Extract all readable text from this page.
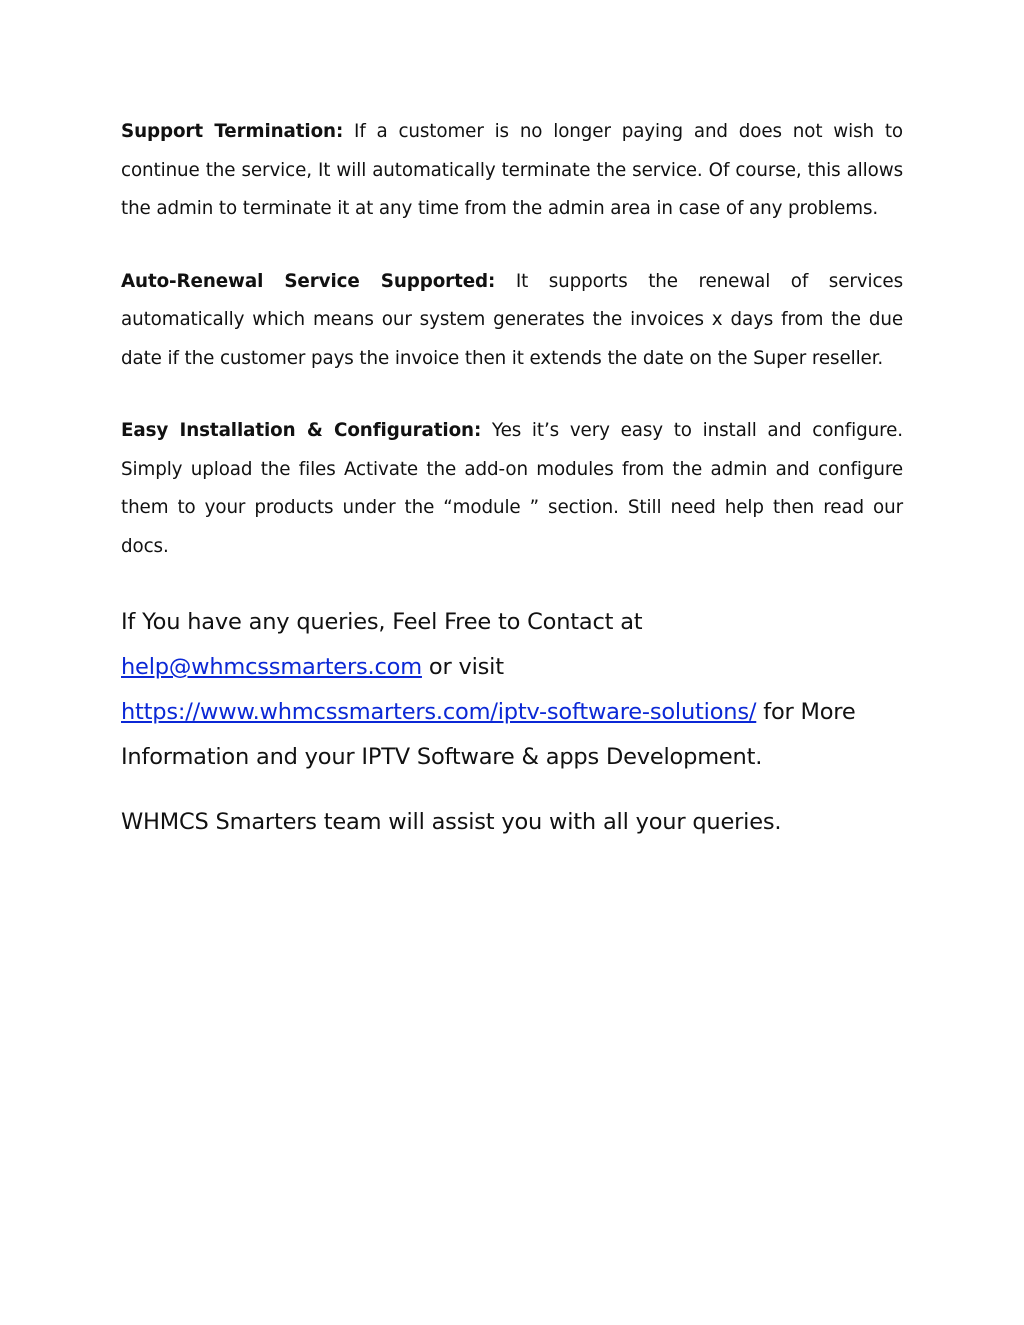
Support Termination: If a customer is no longer paying and does not wish to continue the service, It will automatically terminate the service. Of course, this allows the admin to terminate it at any time from the admin area in case of any problems.

Auto-Renewal Service Supported: It supports the renewal of services automatically which means our system generates the invoices x days from the due date if the customer pays the invoice then it extends the date on the Super reseller.

Easy Installation & Configuration: Yes it’s very easy to install and configure. Simply upload the files Activate the add-on modules from the admin and configure them to your products under the “module ” section. Still need help then read our docs.

If You have any queries, Feel Free to Contact at help@whmcssmarters.com or visit https://www.whmcssmarters.com/iptv-software-solutions/ for More Information and your IPTV Software & apps Development.

WHMCS Smarters team will assist you with all your queries.
